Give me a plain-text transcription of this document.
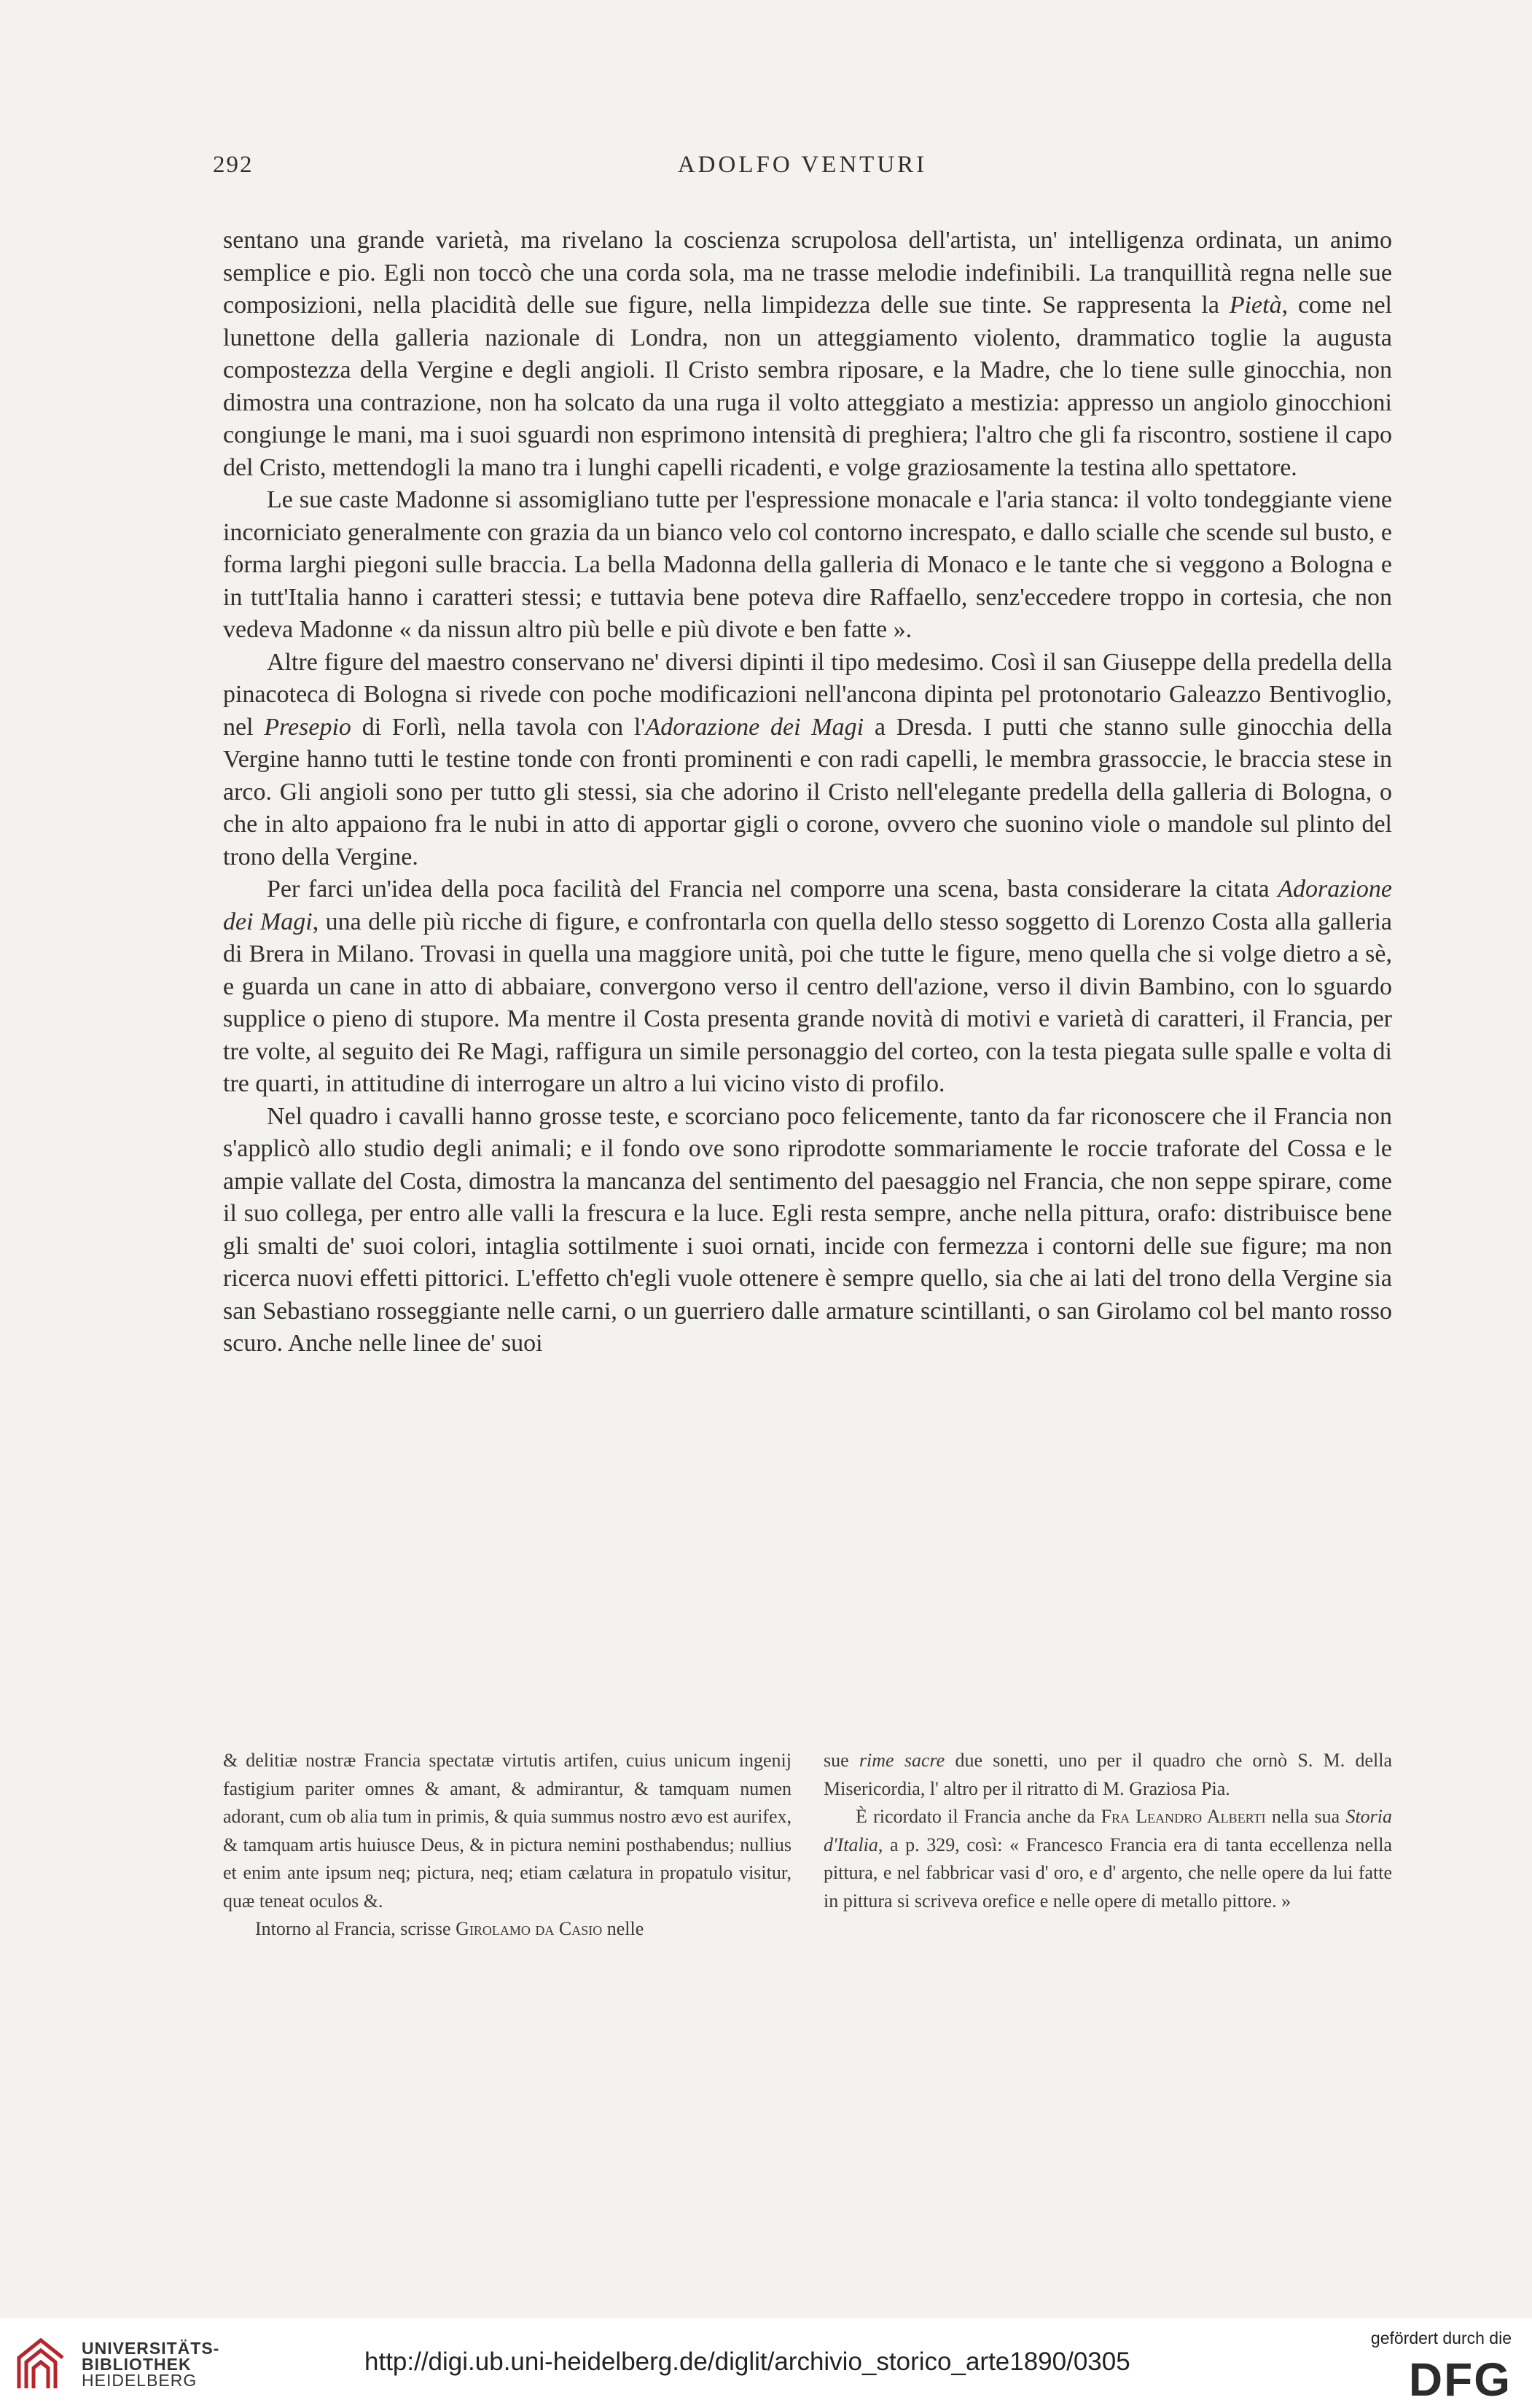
292	ADOLFO VENTURI

sentano una grande varietà, ma rivelano la coscienza scrupolosa dell'artista, un' intelligenza ordinata, un animo semplice e pio. Egli non toccò che una corda sola, ma ne trasse melodie indefinibili. La tranquillità regna nelle sue composizioni, nella placidità delle sue figure, nella limpidezza delle sue tinte. Se rappresenta la Pietà, come nel lunettone della galleria nazionale di Londra, non un atteggiamento violento, drammatico toglie la augusta compostezza della Vergine e degli angioli. Il Cristo sembra riposare, e la Madre, che lo tiene sulle ginocchia, non dimostra una contrazione, non ha solcato da una ruga il volto atteggiato a mestizia: appresso un angiolo ginocchioni congiunge le mani, ma i suoi sguardi non esprimono intensità di preghiera; l'altro che gli fa riscontro, sostiene il capo del Cristo, mettendogli la mano tra i lunghi capelli ricadenti, e volge graziosamente la testina allo spettatore.

Le sue caste Madonne si assomigliano tutte per l'espressione monacale e l'aria stanca: il volto tondeggiante viene incorniciato generalmente con grazia da un bianco velo col contorno increspato, e dallo scialle che scende sul busto, e forma larghi piegoni sulle braccia. La bella Madonna della galleria di Monaco e le tante che si veggono a Bologna e in tutt'Italia hanno i caratteri stessi; e tuttavia bene poteva dire Raffaello, senz'eccedere troppo in cortesia, che non vedeva Madonne « da nissun altro più belle e più divote e ben fatte ».

Altre figure del maestro conservano ne' diversi dipinti il tipo medesimo. Così il san Giuseppe della predella della pinacoteca di Bologna si rivede con poche modificazioni nell'ancona dipinta pel protonotario Galeazzo Bentivoglio, nel Presepio di Forlì, nella tavola con l'Adorazione dei Magi a Dresda. I putti che stanno sulle ginocchia della Vergine hanno tutti le testine tonde con fronti prominenti e con radi capelli, le membra grassoccie, le braccia stese in arco. Gli angioli sono per tutto gli stessi, sia che adorino il Cristo nell'elegante predella della galleria di Bologna, o che in alto appaiono fra le nubi in atto di apportar gigli o corone, ovvero che suonino viole o mandole sul plinto del trono della Vergine.

Per farci un'idea della poca facilità del Francia nel comporre una scena, basta considerare la citata Adorazione dei Magi, una delle più ricche di figure, e confrontarla con quella dello stesso soggetto di Lorenzo Costa alla galleria di Brera in Milano. Trovasi in quella una maggiore unità, poi che tutte le figure, meno quella che si volge dietro a sè, e guarda un cane in atto di abbaiare, convergono verso il centro dell'azione, verso il divin Bambino, con lo sguardo supplice o pieno di stupore. Ma mentre il Costa presenta grande novità di motivi e varietà di caratteri, il Francia, per tre volte, al seguito dei Re Magi, raffigura un simile personaggio del corteo, con la testa piegata sulle spalle e volta di tre quarti, in attitudine di interrogare un altro a lui vicino visto di profilo.

Nel quadro i cavalli hanno grosse teste, e scorciano poco felicemente, tanto da far riconoscere che il Francia non s'applicò allo studio degli animali; e il fondo ove sono riprodotte sommariamente le roccie traforate del Cossa e le ampie vallate del Costa, dimostra la mancanza del sentimento del paesaggio nel Francia, che non seppe spirare, come il suo collega, per entro alle valli la frescura e la luce. Egli resta sempre, anche nella pittura, orafo: distribuisce bene gli smalti de' suoi colori, intaglia sottilmente i suoi ornati, incide con fermezza i contorni delle sue figure; ma non ricerca nuovi effetti pittorici. L'effetto ch'egli vuole ottenere è sempre quello, sia che ai lati del trono della Vergine sia san Sebastiano rosseggiante nelle carni, o un guerriero dalle armature scintillanti, o san Girolamo col bel manto rosso scuro. Anche nelle linee de' suoi

& delitiæ nostræ Francia spectatæ virtutis artifen, cuius unicum ingenij fastigium pariter omnes & amant, & admirantur, & tamquam numen adorant, cum ob alia tum in primis, & quia summus nostro ævo est aurifex, & tamquam artis huiusce Deus, & in pictura nemini posthabendus; nullius et enim ante ipsum neq; pictura, neq; etiam cælatura in propatulo visitur, quæ teneat oculos &.

Intorno al Francia, scrisse Girolamo da Casio nelle

sue rime sacre due sonetti, uno per il quadro che ornò S. M. della Misericordia, l' altro per il ritratto di M. Graziosa Pia.

È ricordato il Francia anche da Fra Leandro Alberti nella sua Storia d'Italia, a p. 329, così: « Francesco Francia era di tanta eccellenza nella pittura, e nel fabbricar vasi d' oro, e d' argento, che nelle opere da lui fatte in pittura si scriveva orefice e nelle opere di metallo pittore. »

UNIVERSITÄTS-
BIBLIOTHEK
HEIDELBERG
http://digi.ub.uni-heidelberg.de/diglit/archivio_storico_arte1890/0305
gefördert durch die
DFG
